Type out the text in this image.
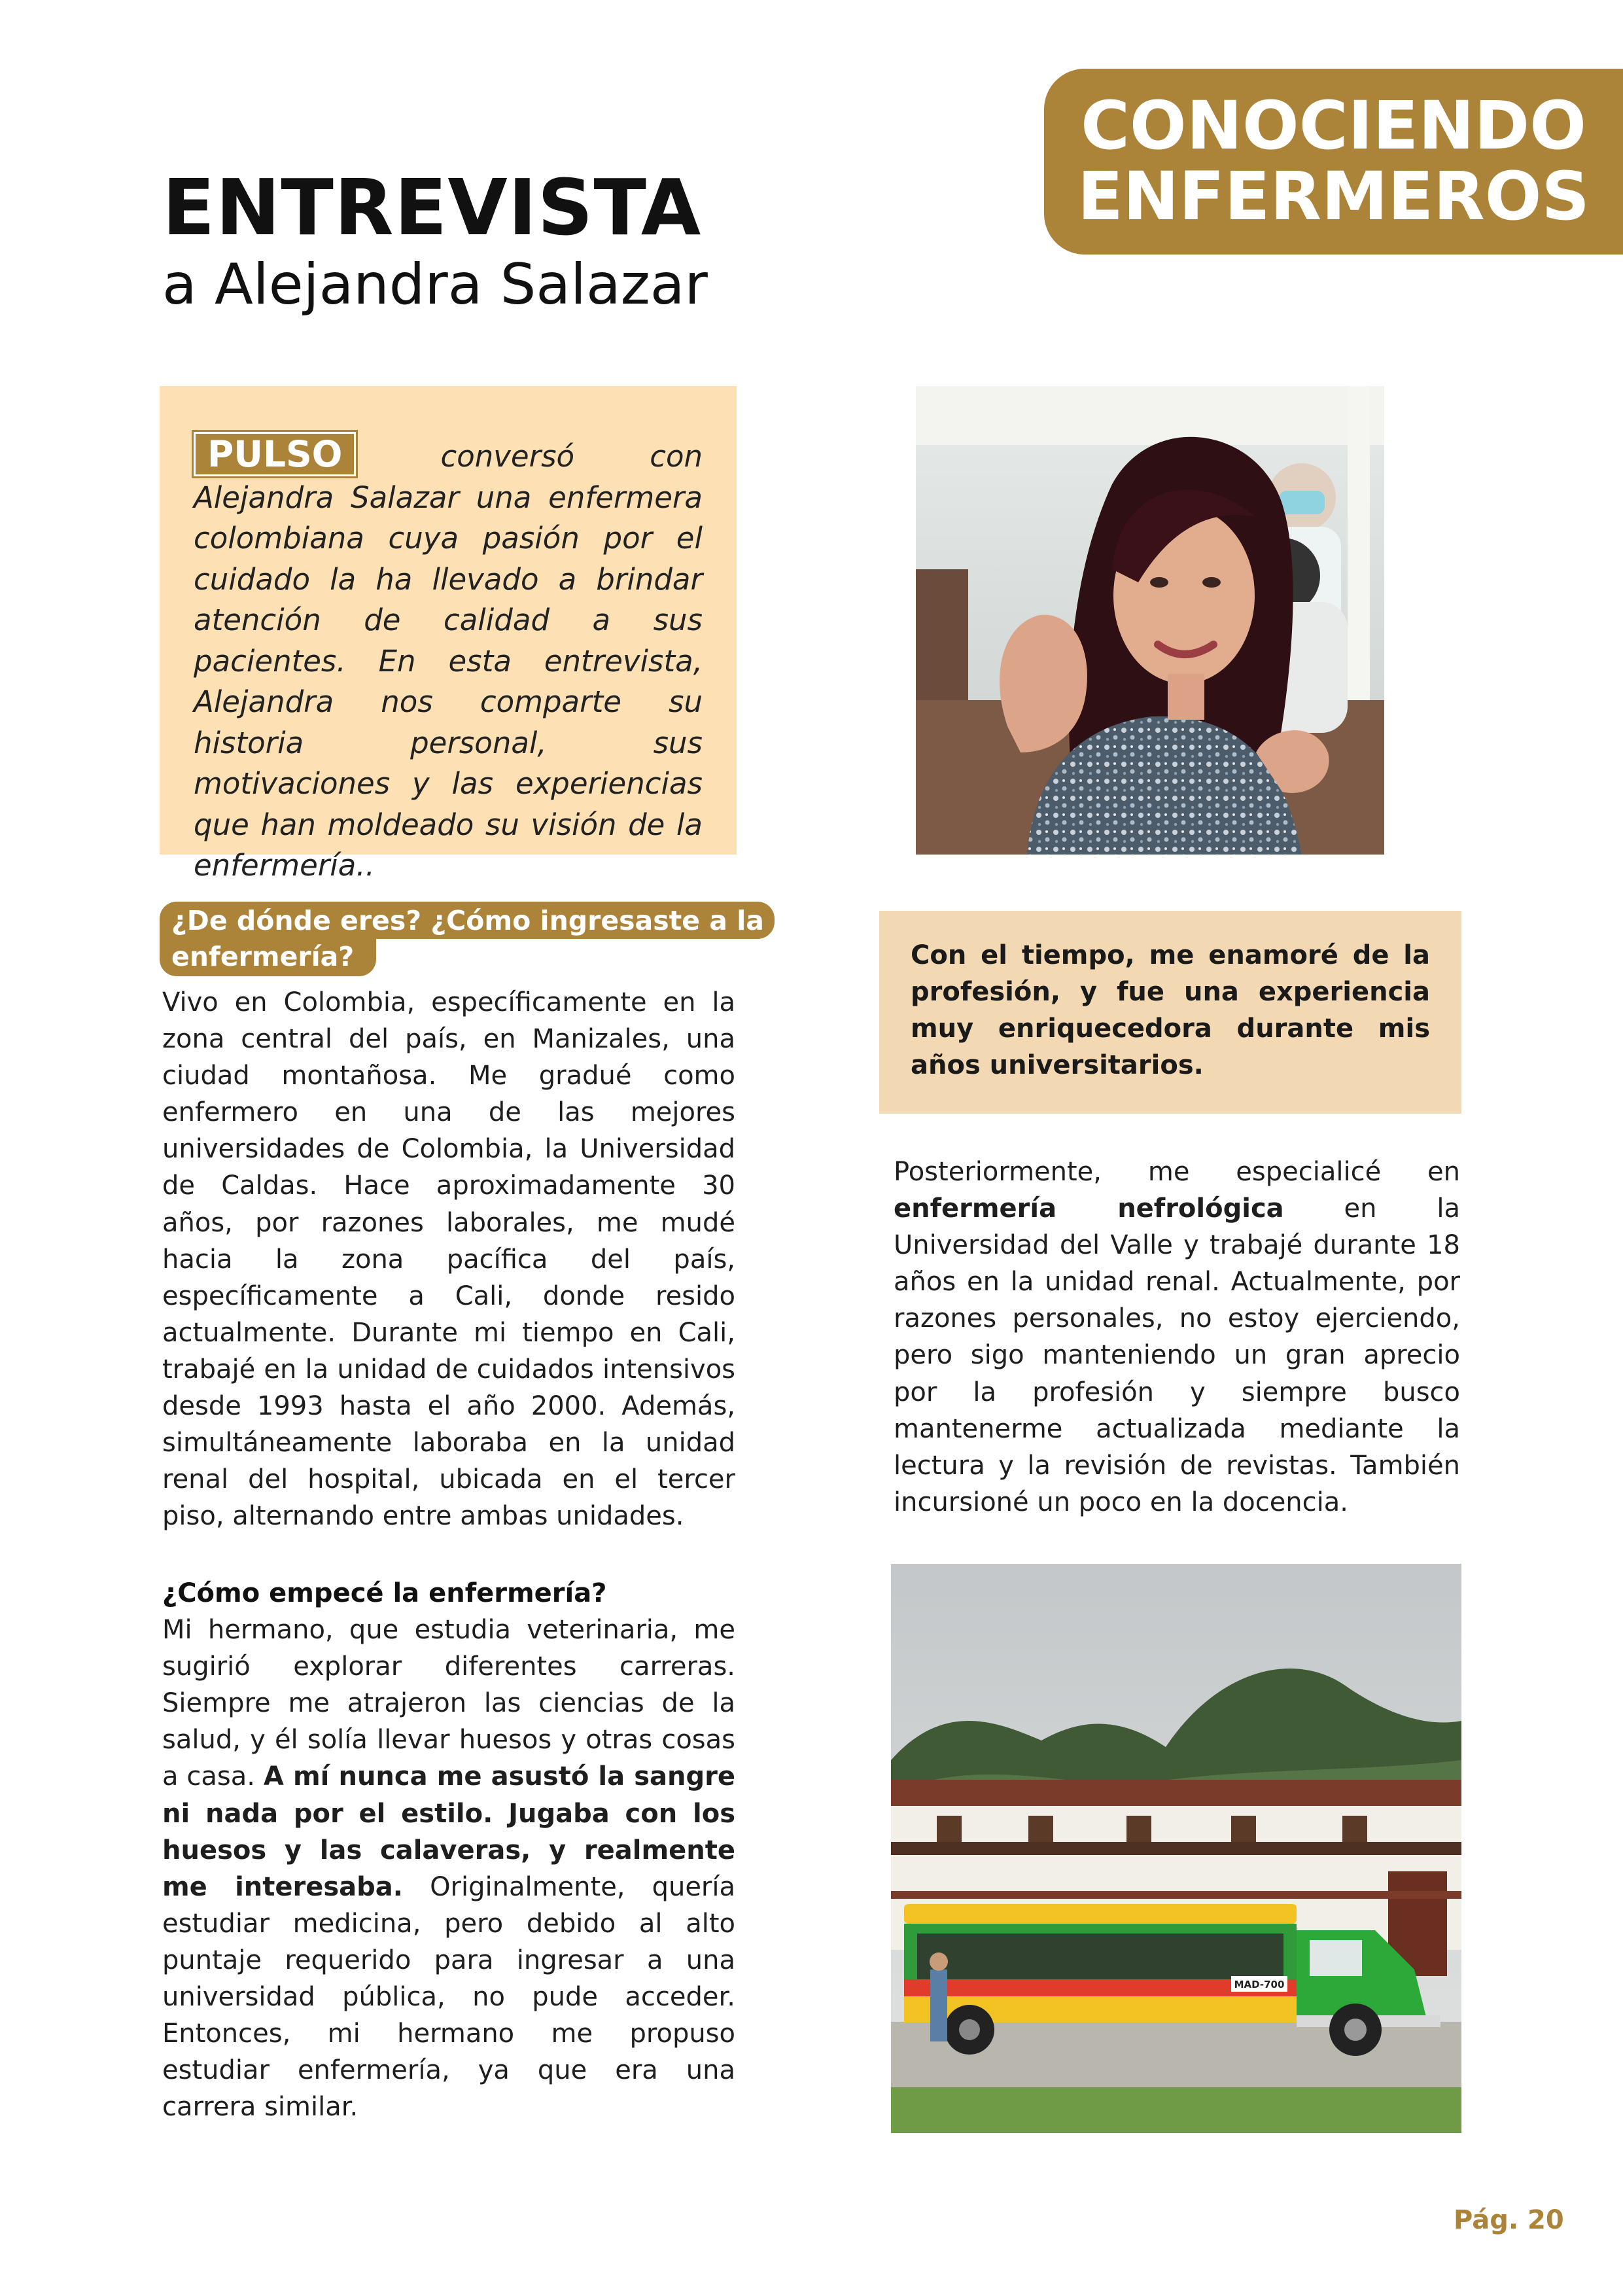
CONOCIENDO
ENFERMEROS
ENTREVISTA
a Alejandra Salazar
PULSO	conversó con Alejandra Salazar una enfermera colombiana cuya pasión por el cuidado la ha llevado a brindar atención de calidad a sus pacientes. En esta entrevista, Alejandra nos comparte su historia personal, sus motivaciones y las experiencias que han moldeado su visión de la enfermería..
¿De dónde eres? ¿Cómo ingresaste a la
enfermería?

Vivo en Colombia, específicamente en la zona central del país, en Manizales, una ciudad montañosa. Me gradué como enfermero en una de las mejores universidades de Colombia, la Universidad de Caldas. Hace aproximadamente 30 años, por razones laborales, me mudé hacia la zona pacífica del país, específicamente a Cali, donde resido actualmente. Durante mi tiempo en Cali, trabajé en la unidad de cuidados intensivos desde 1993 hasta el año 2000. Además, simultáneamente laboraba en la unidad renal del hospital, ubicada en el tercer piso, alternando entre ambas unidades.

¿Cómo empecé la enfermería?

Mi hermano, que estudia veterinaria, me sugirió explorar diferentes carreras. Siempre me atrajeron las ciencias de la salud, y él solía llevar huesos y otras cosas a casa. A mí nunca me asustó la sangre ni nada por el estilo. Jugaba con los huesos y las calaveras, y realmente me interesaba. Originalmente, quería estudiar medicina, pero debido al alto puntaje requerido para ingresar a una universidad pública, no pude acceder. Entonces, mi hermano me propuso estudiar enfermería, ya que era una carrera similar.

Con el tiempo, me enamoré de la profesión, y fue una experiencia muy enriquecedora durante mis años universitarios.

Posteriormente, me especialicé en enfermería nefrológica en la Universidad del Valle y trabajé durante 18 años en la unidad renal. Actualmente, por razones personales, no estoy ejerciendo, pero sigo manteniendo un gran aprecio por la profesión y siempre busco mantenerme actualizada mediante la lectura y la revisión de revistas. También incursioné un poco en la docencia.

MAD-700
Pág. 20
